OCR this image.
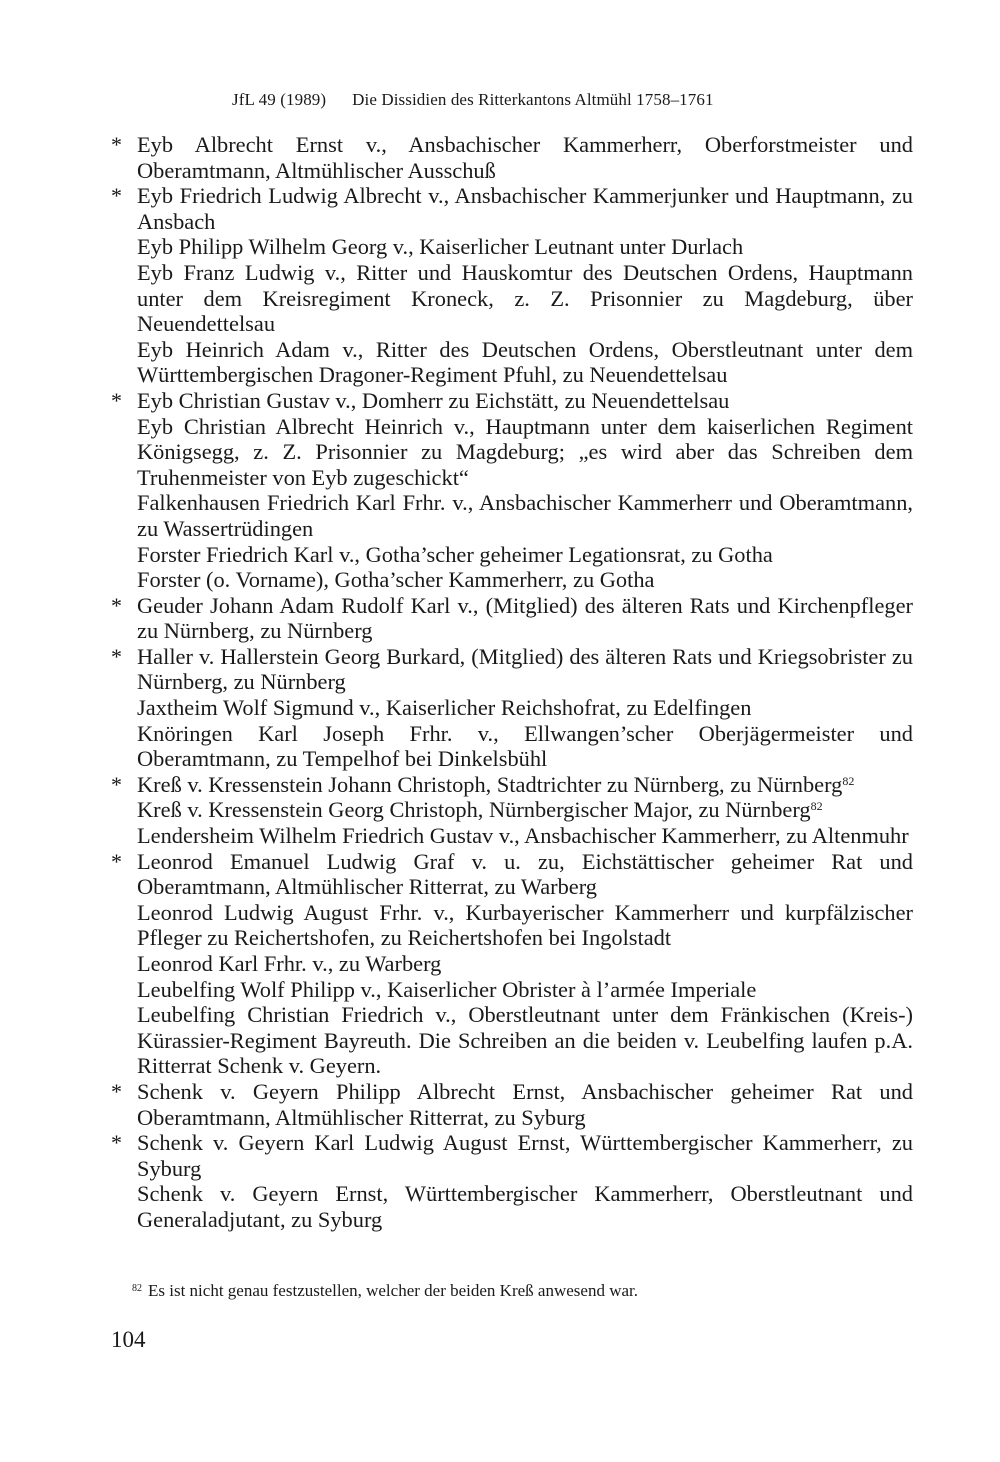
JfL 49 (1989) Die Dissidien des Ritterkantons Altmühl 1758–1761
* Eyb Albrecht Ernst v., Ansbachischer Kammerherr, Oberforstmeister und Oberamtmann, Altmühlischer Ausschuß
* Eyb Friedrich Ludwig Albrecht v., Ansbachischer Kammerjunker und Hauptmann, zu Ansbach
Eyb Philipp Wilhelm Georg v., Kaiserlicher Leutnant unter Durlach
Eyb Franz Ludwig v., Ritter und Hauskomtur des Deutschen Ordens, Hauptmann unter dem Kreisregiment Kroneck, z. Z. Prisonnier zu Magdeburg, über Neuendettelsau
Eyb Heinrich Adam v., Ritter des Deutschen Ordens, Oberstleutnant unter dem Württembergischen Dragoner-Regiment Pfuhl, zu Neuendettelsau
* Eyb Christian Gustav v., Domherr zu Eichstätt, zu Neuendettelsau
Eyb Christian Albrecht Heinrich v., Hauptmann unter dem kaiserlichen Regiment Königsegg, z. Z. Prisonnier zu Magdeburg; „es wird aber das Schreiben dem Truhenmeister von Eyb zugeschickt“
Falkenhausen Friedrich Karl Frhr. v., Ansbachischer Kammerherr und Oberamtmann, zu Wassertrüdingen
Forster Friedrich Karl v., Gotha’scher geheimer Legationsrat, zu Gotha
Forster (o. Vorname), Gotha’scher Kammerherr, zu Gotha
* Geuder Johann Adam Rudolf Karl v., (Mitglied) des älteren Rats und Kirchenpfleger zu Nürnberg, zu Nürnberg
* Haller v. Hallerstein Georg Burkard, (Mitglied) des älteren Rats und Kriegsobrister zu Nürnberg, zu Nürnberg
Jaxtheim Wolf Sigmund v., Kaiserlicher Reichshofrat, zu Edelfingen
Knöringen Karl Joseph Frhr. v., Ellwangen’scher Oberjägermeister und Oberamtmann, zu Tempelhof bei Dinkelsbühl
* Kreß v. Kressenstein Johann Christoph, Stadtrichter zu Nürnberg, zu Nürnberg$^{82}$
Kreß v. Kressenstein Georg Christoph, Nürnbergischer Major, zu Nürnberg$^{82}$
Lendersheim Wilhelm Friedrich Gustav v., Ansbachischer Kammerherr, zu Altenmuhr
* Leonrod Emanuel Ludwig Graf v. u. zu, Eichstättischer geheimer Rat und Oberamtmann, Altmühlischer Ritterrat, zu Warberg
Leonrod Ludwig August Frhr. v., Kurbayerischer Kammerherr und kurpfälzischer Pfleger zu Reichertshofen, zu Reichertshofen bei Ingolstadt
Leonrod Karl Frhr. v., zu Warberg
Leubelfing Wolf Philipp v., Kaiserlicher Obrister à l’armée Imperiale
Leubelfing Christian Friedrich v., Oberstleutnant unter dem Fränkischen (Kreis-) Kürassier-Regiment Bayreuth. Die Schreiben an die beiden v. Leubelfing laufen p.A. Ritterrat Schenk v. Geyern.
* Schenk v. Geyern Philipp Albrecht Ernst, Ansbachischer geheimer Rat und Oberamtmann, Altmühlischer Ritterrat, zu Syburg
* Schenk v. Geyern Karl Ludwig August Ernst, Württembergischer Kammerherr, zu Syburg
Schenk v. Geyern Ernst, Württembergischer Kammerherr, Oberstleutnant und Generaladjutant, zu Syburg
$^{82}$ Es ist nicht genau festzustellen, welcher der beiden Kreß anwesend war.
104
